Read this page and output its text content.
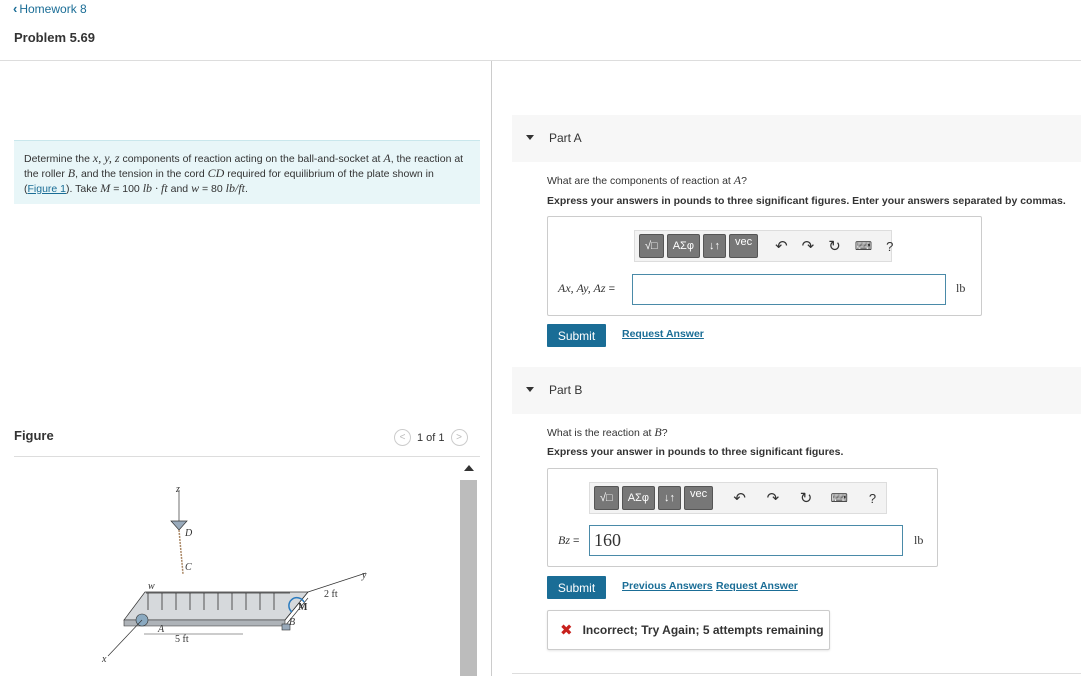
‹ Homework 8
Problem 5.69
Determine the x, y, z components of reaction acting on the ball-and-socket at A, the reaction at the roller B, and the tension in the cord CD required for equilibrium of the plate shown in (Figure 1). Take M = 100 lb · ft and w = 80 lb/ft.
Figure	<	1 of 1	>
z
D
C
y
w
M
2 ft
A
B
5 ft
x
Part A
What are the components of reaction at A?
Express your answers in pounds to three significant figures. Enter your answers separated by commas.
√□ ΑΣφ ↓↑ vec ↶ ↷ ↻ ⌨ ?
Ax, Ay, Az =	lb
Submit	Request Answer
Part B
What is the reaction at B?
Express your answer in pounds to three significant figures.
√□ ΑΣφ ↓↑ vec ↶ ↷ ↻ ⌨	?
Bz = 160	lb
Submit	Previous Answers Request Answer
✖ Incorrect; Try Again; 5 attempts remaining
